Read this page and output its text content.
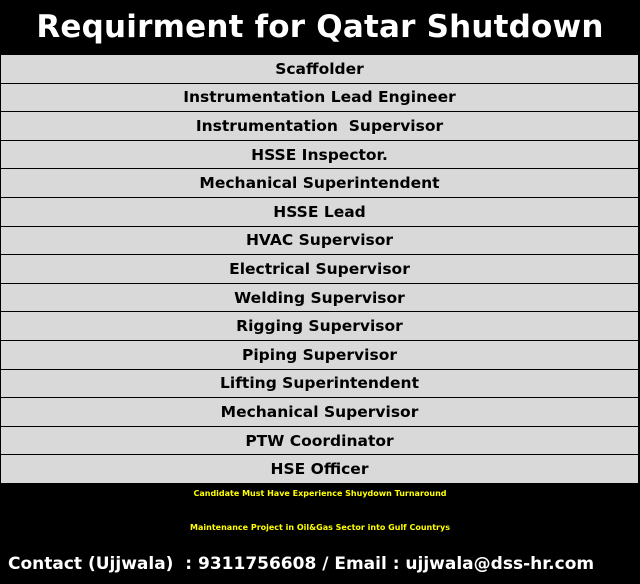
Requirment for Qatar Shutdown
Scaffolder
Instrumentation Lead Engineer
Instrumentation  Supervisor
HSSE Inspector.
Mechanical Superintendent
HSSE Lead
HVAC Supervisor
Electrical Supervisor
Welding Supervisor
Rigging Supervisor
Piping Supervisor
Lifting Superintendent
Mechanical Supervisor
PTW Coordinator
HSE Officer
Candidate Must Have Experience Shuydown Turnaround
Maintenance Project in Oil&Gas Sector into Gulf Countrys
Contact (Ujjwala)  : 9311756608 / Email : ujjwala@dss-hr.com
